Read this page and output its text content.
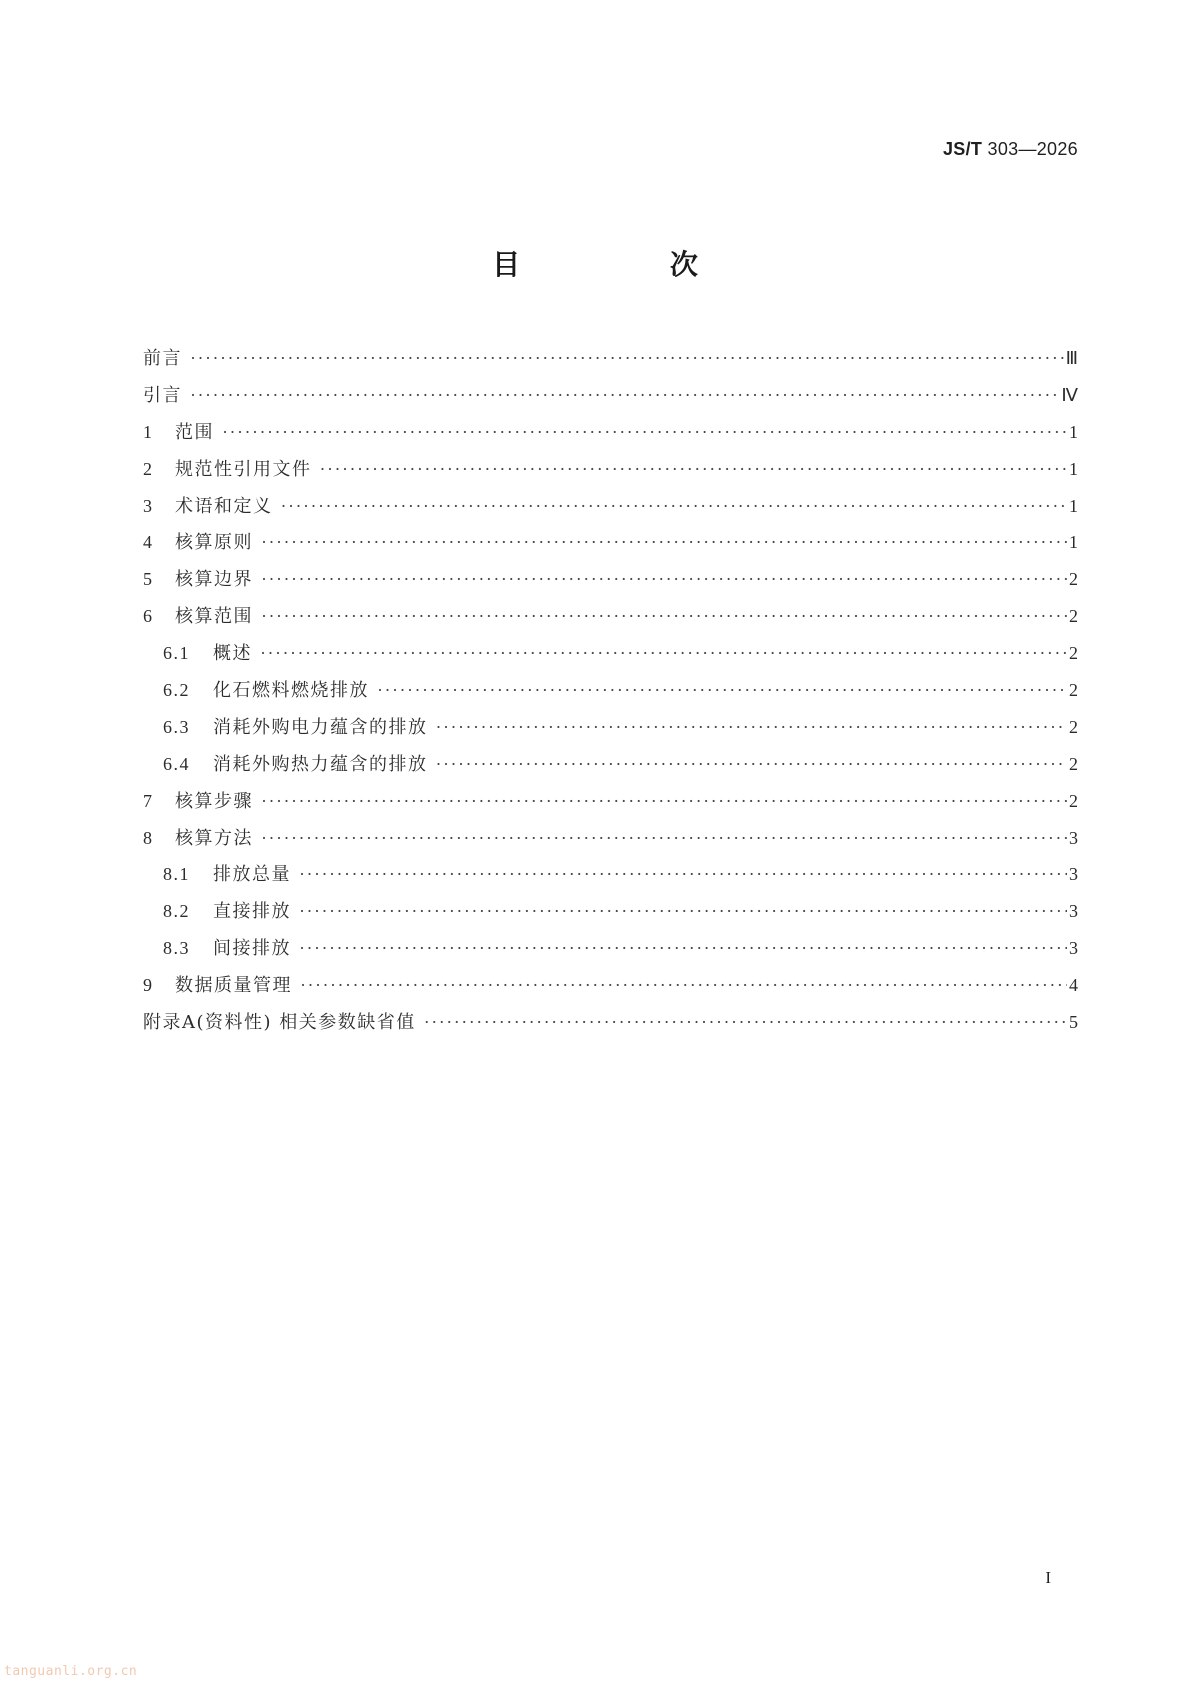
JS/T 303—2026
目 次
前言 ·····	Ⅲ
引言 ·····	Ⅳ
1	范围 ·····	1
2	规范性引用文件 ·····	1
3	术语和定义 ·····	1
4	核算原则 ·····	1
5	核算边界 ·····	2
6	核算范围 ·····	2
6.1	概述 ·····	2
6.2	化石燃料燃烧排放 ·····	2
6.3	消耗外购电力蕴含的排放 ·····	2
6.4	消耗外购热力蕴含的排放 ·····	2
7	核算步骤 ·····	2
8	核算方法 ·····	3
8.1	排放总量 ·····	3
8.2	直接排放 ·····	3
8.3	间接排放 ·····	3
9	数据质量管理 ·····	4
附录A(资料性) 相关参数缺省值 ·····	5
I
tanguanli.org.cn
